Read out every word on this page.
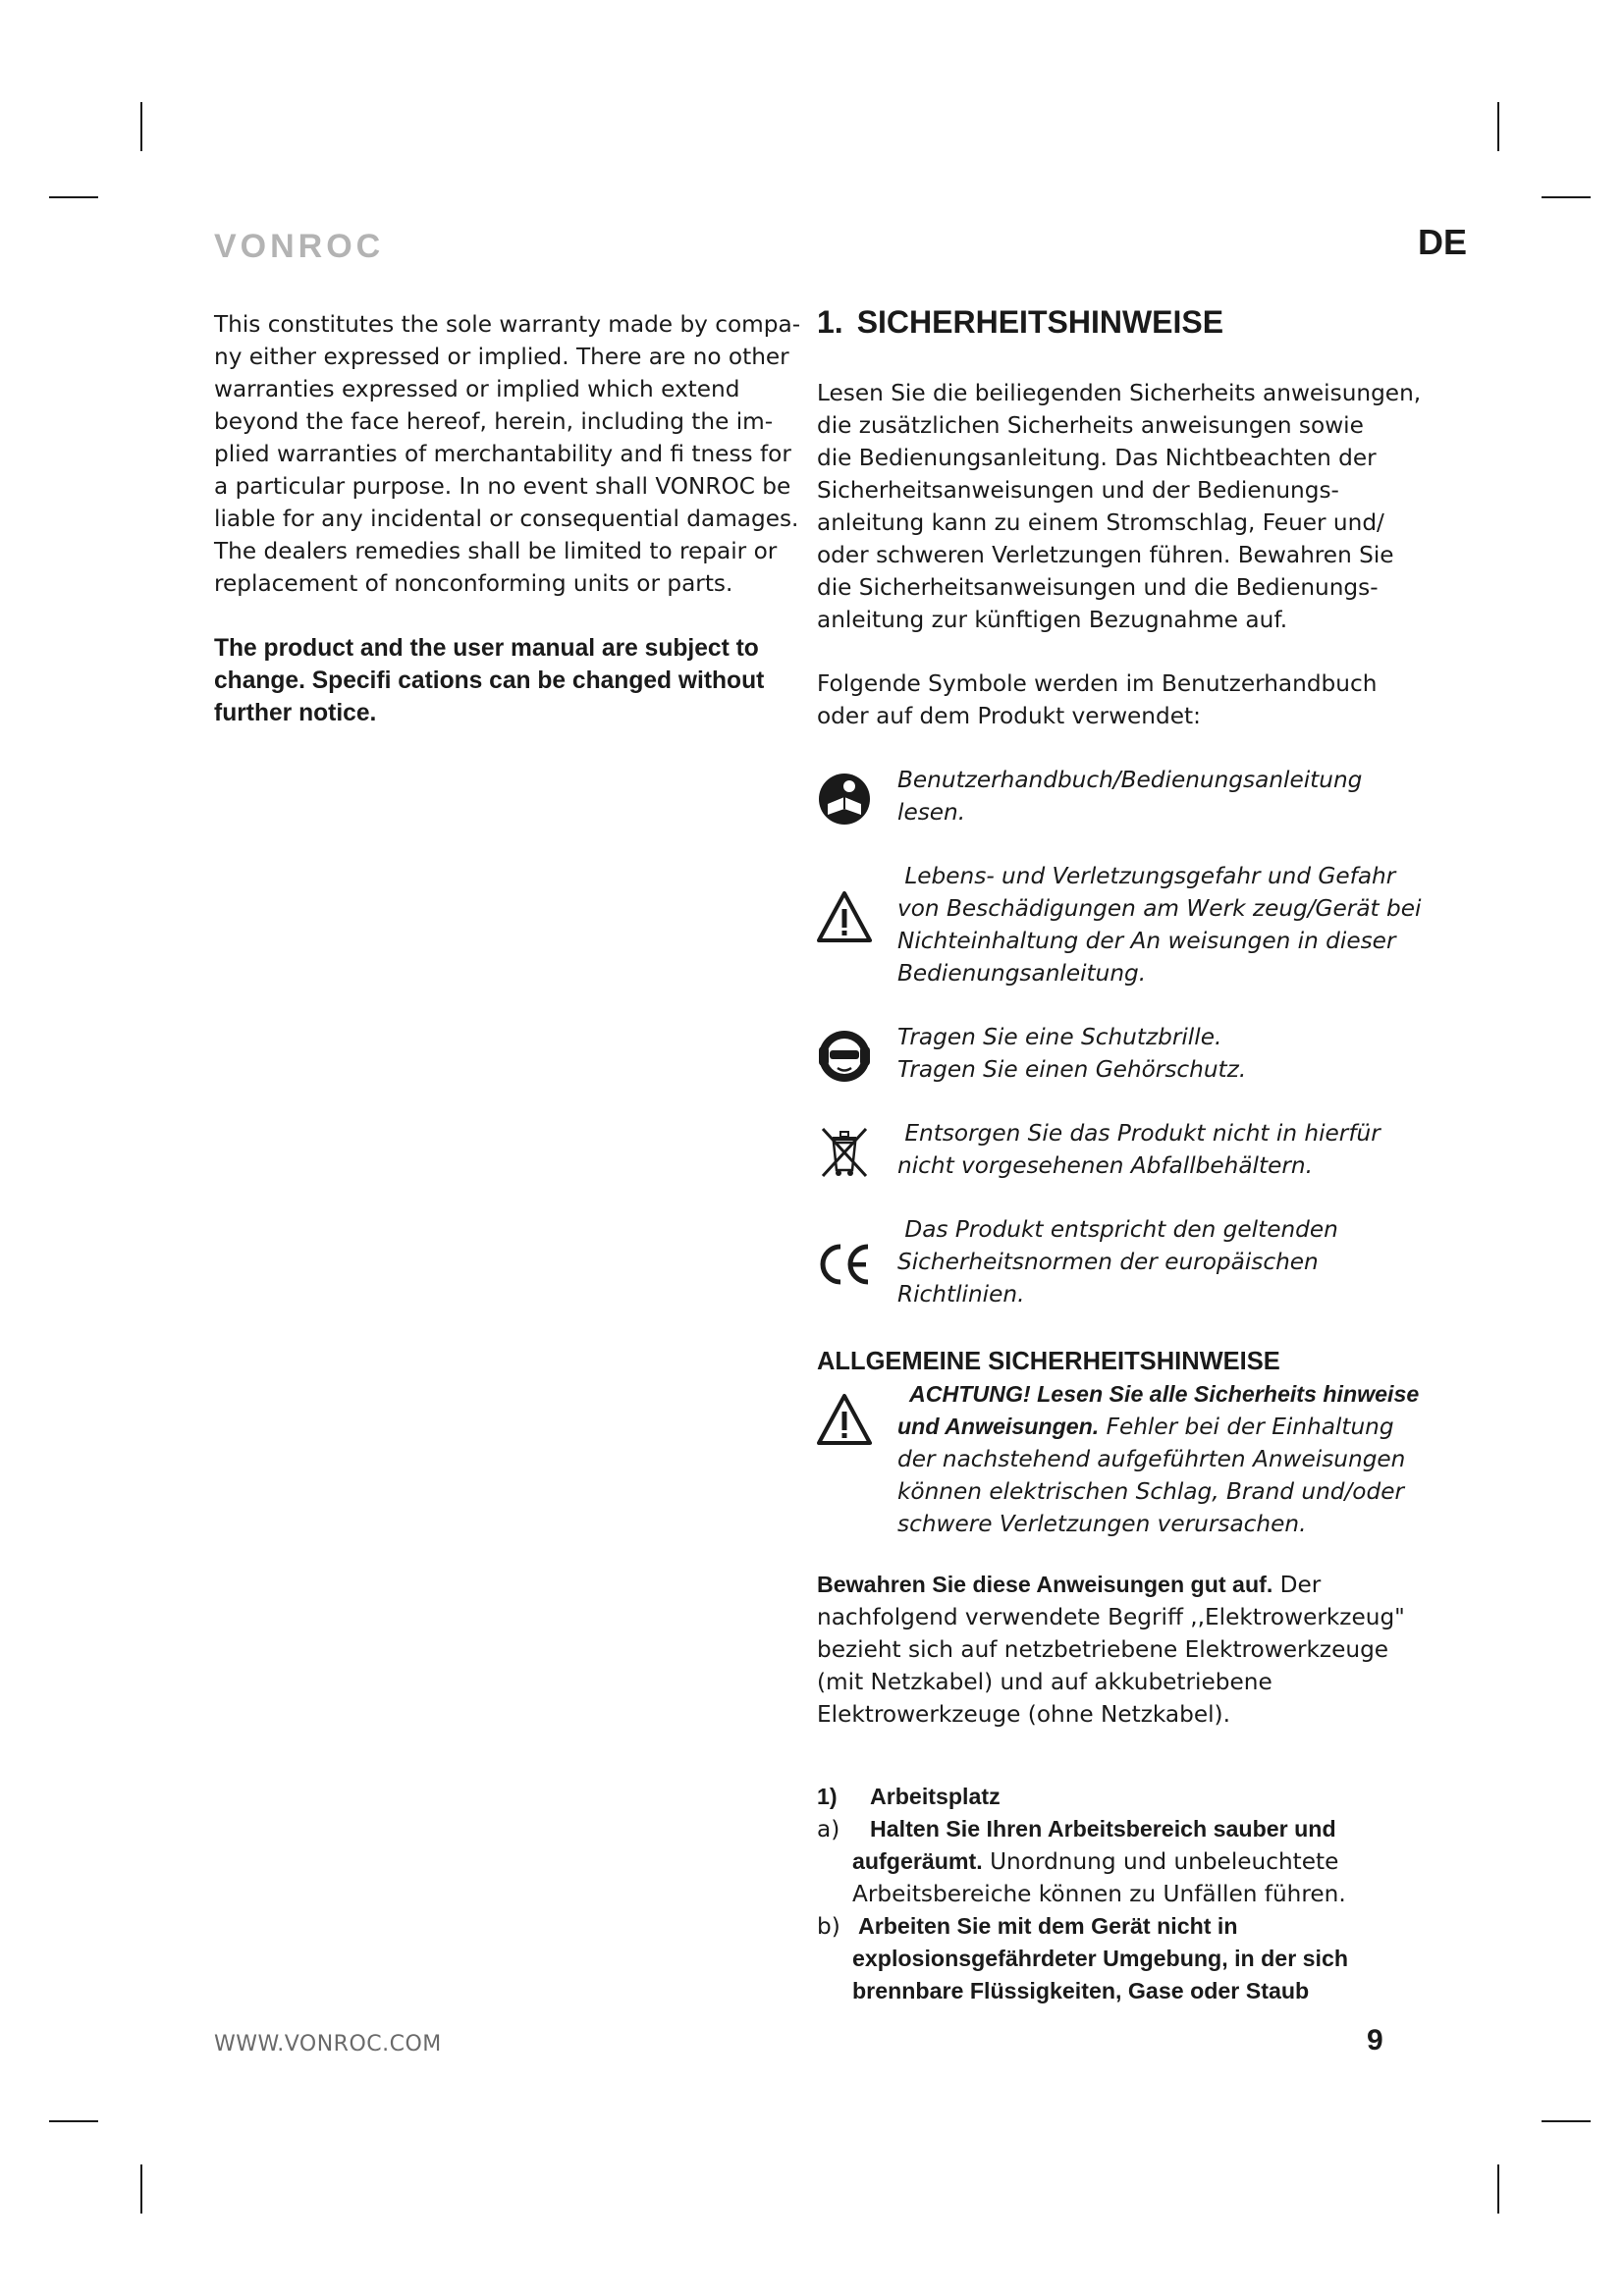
VONROC	DE
This constitutes the sole warranty made by compa-
ny either expressed or implied. There are no other
warranties expressed or implied which extend
beyond the face hereof, herein, including the im-
plied warranties of merchantability and fi tness for
a particular purpose. In no event shall VONROC be
liable for any incidental or consequential damages.
The dealers remedies shall be limited to repair or
replacement of nonconforming units or parts.
The product and the user manual are subject to
change. Specifi cations can be changed without
further notice.
1. SICHERHEITSHINWEISE
Lesen Sie die beiliegenden Sicherheits anweisungen,
die zusätzlichen Sicherheits anweisungen sowie
die Bedienungsanleitung. Das Nichtbeachten der
Sicherheitsanweisungen und der Bedienungs-
anleitung kann zu einem Stromschlag, Feuer und/
oder schweren Verletzungen führen. Bewahren Sie
die Sicherheitsanweisungen und die Bedienungs-
anleitung zur künftigen Bezugnahme auf.
Folgende Symbole werden im Benutzerhandbuch
oder auf dem Produkt verwendet:
Benutzerhandbuch/Bedienungsanleitung
lesen.
Lebens- und Verletzungsgefahr und Gefahr
von Beschädigungen am Werk zeug/Gerät bei
Nichteinhaltung der An weisungen in dieser
Bedienungsanleitung.
Tragen Sie eine Schutzbrille.
Tragen Sie einen Gehörschutz.
Entsorgen Sie das Produkt nicht in hierfür
nicht vorgesehenen Abfallbehältern.
Das Produkt entspricht den geltenden
Sicherheitsnormen der europäischen
Richtlinien.
ALLGEMEINE SICHERHEITSHINWEISE
ACHTUNG! Lesen Sie alle Sicherheits hinweise
und Anweisungen. Fehler bei der Einhaltung
der nachstehend aufgeführten Anweisungen
können elektrischen Schlag, Brand und/oder
schwere Verletzungen verursachen.
Bewahren Sie diese Anweisungen gut auf. Der
nachfolgend verwendete Begriff ,,Elektrowerkzeug"
bezieht sich auf netzbetriebene Elektrowerkzeuge
(mit Netzkabel) und auf akkubetriebene
Elektrowerkzeuge (ohne Netzkabel).
1) Arbeitsplatz
a)	Halten Sie Ihren Arbeitsbereich sauber und
aufgeräumt. Unordnung und unbeleuchtete
Arbeitsbereiche können zu Unfällen führen.
b) Arbeiten Sie mit dem Gerät nicht in
explosionsgefährdeter Umgebung, in der sich
brennbare Flüssigkeiten, Gase oder Staub
WWW.VONROC.COM	9
